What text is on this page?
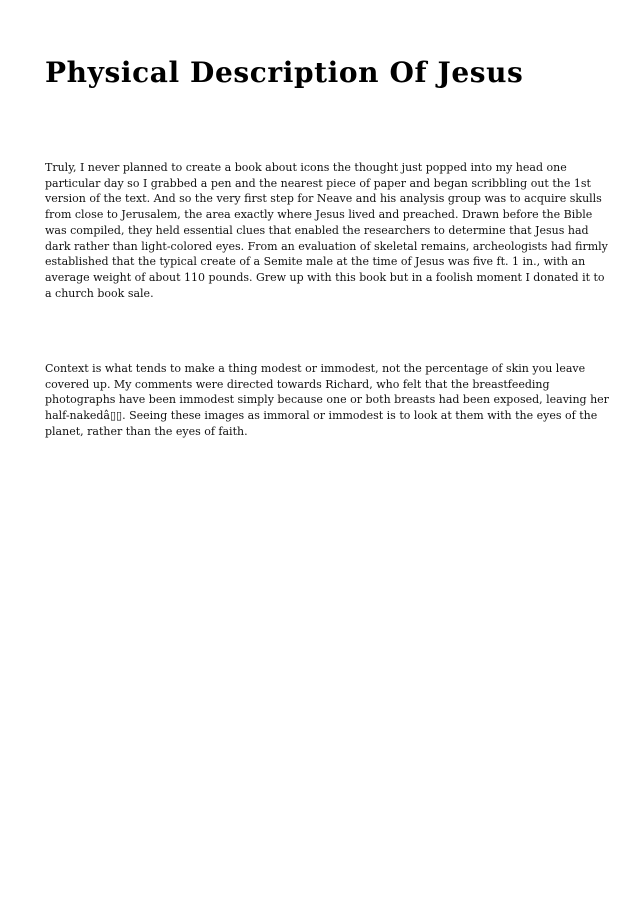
Physical Description Of Jesus

Truly, I never planned to create a book about icons the thought just popped into my head one
particular day so I grabbed a pen and the nearest piece of paper and began scribbling out the 1st
version of the text. And so the very first step for Neave and his analysis group was to acquire skulls
from close to Jerusalem, the area exactly where Jesus lived and preached. Drawn before the Bible
was compiled, they held essential clues that enabled the researchers to determine that Jesus had
dark rather than light-colored eyes. From an evaluation of skeletal remains, archeologists had firmly
established that the typical create of a Semite male at the time of Jesus was five ft. 1 in., with an
average weight of about 110 pounds. Grew up with this book but in a foolish moment I donated it to
a church book sale.

Context is what tends to make a thing modest or immodest, not the percentage of skin you leave
covered up. My comments were directed towards Richard, who felt that the breastfeeding
photographs have been immodest simply because one or both breasts had been exposed, leaving her
half-nakedâ▯▯. Seeing these images as immoral or immodest is to look at them with the eyes of the
planet, rather than the eyes of faith.
